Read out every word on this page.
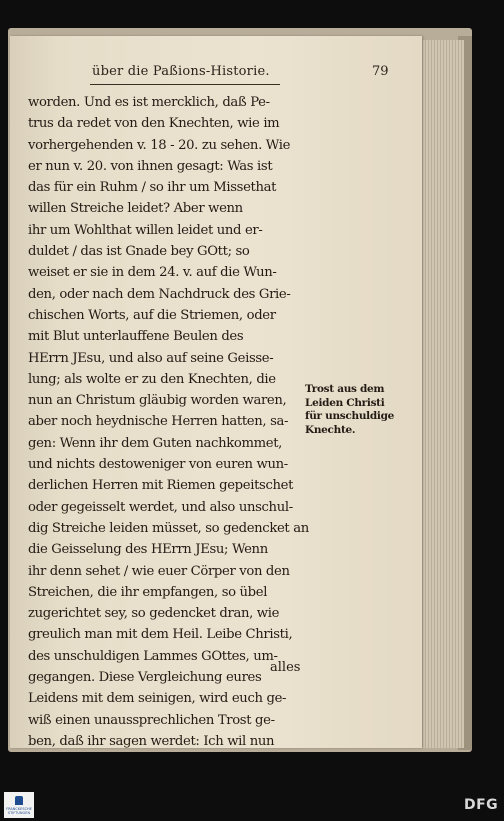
über die Paßions-Historie.	79
worden. Und es ist mercklich, daß Pe-
trus da redet von den Knechten, wie im
vorhergehenden v. 18 - 20. zu sehen. Wie
er nun v. 20. von ihnen gesagt: Was ist
das für ein Ruhm / so ihr um Missethat
willen Streiche leidet? Aber wenn
ihr um Wohlthat willen leidet und er-
duldet / das ist Gnade bey GOtt; so
weiset er sie in dem 24. v. auf die Wun-
den, oder nach dem Nachdruck des Grie-
chischen Worts, auf die Striemen, oder
mit Blut unterlauffene Beulen des
HErrn JEsu, und also auf seine Geisse-
lung; als wolte er zu den Knechten, die
nun an Christum gläubig worden waren,
aber noch heydnische Herren hatten, sa-
gen: Wenn ihr dem Guten nachkommet,
und nichts destoweniger von euren wun-
derlichen Herren mit Riemen gepeitschet
oder gegeisselt werdet, und also unschul-
dig Streiche leiden müsset, so gedencket an
die Geisselung des HErrn JEsu; Wenn
ihr denn sehet / wie euer Cörper von den
Streichen, die ihr empfangen, so übel
zugerichtet sey, so gedencket dran, wie
greulich man mit dem Heil. Leibe Christi,
des unschuldigen Lammes GOttes, um-
gegangen. Diese Vergleichung eures
Leidens mit dem seinigen, wird euch ge-
wiß einen unaussprechlichen Trost ge-
ben, daß ihr sagen werdet: Ich wil nun
alles
Trost aus dem
Leiden Christi
für unschuldige
Knechte.
FRANCKESCHE STIFTUNGEN	DFG
